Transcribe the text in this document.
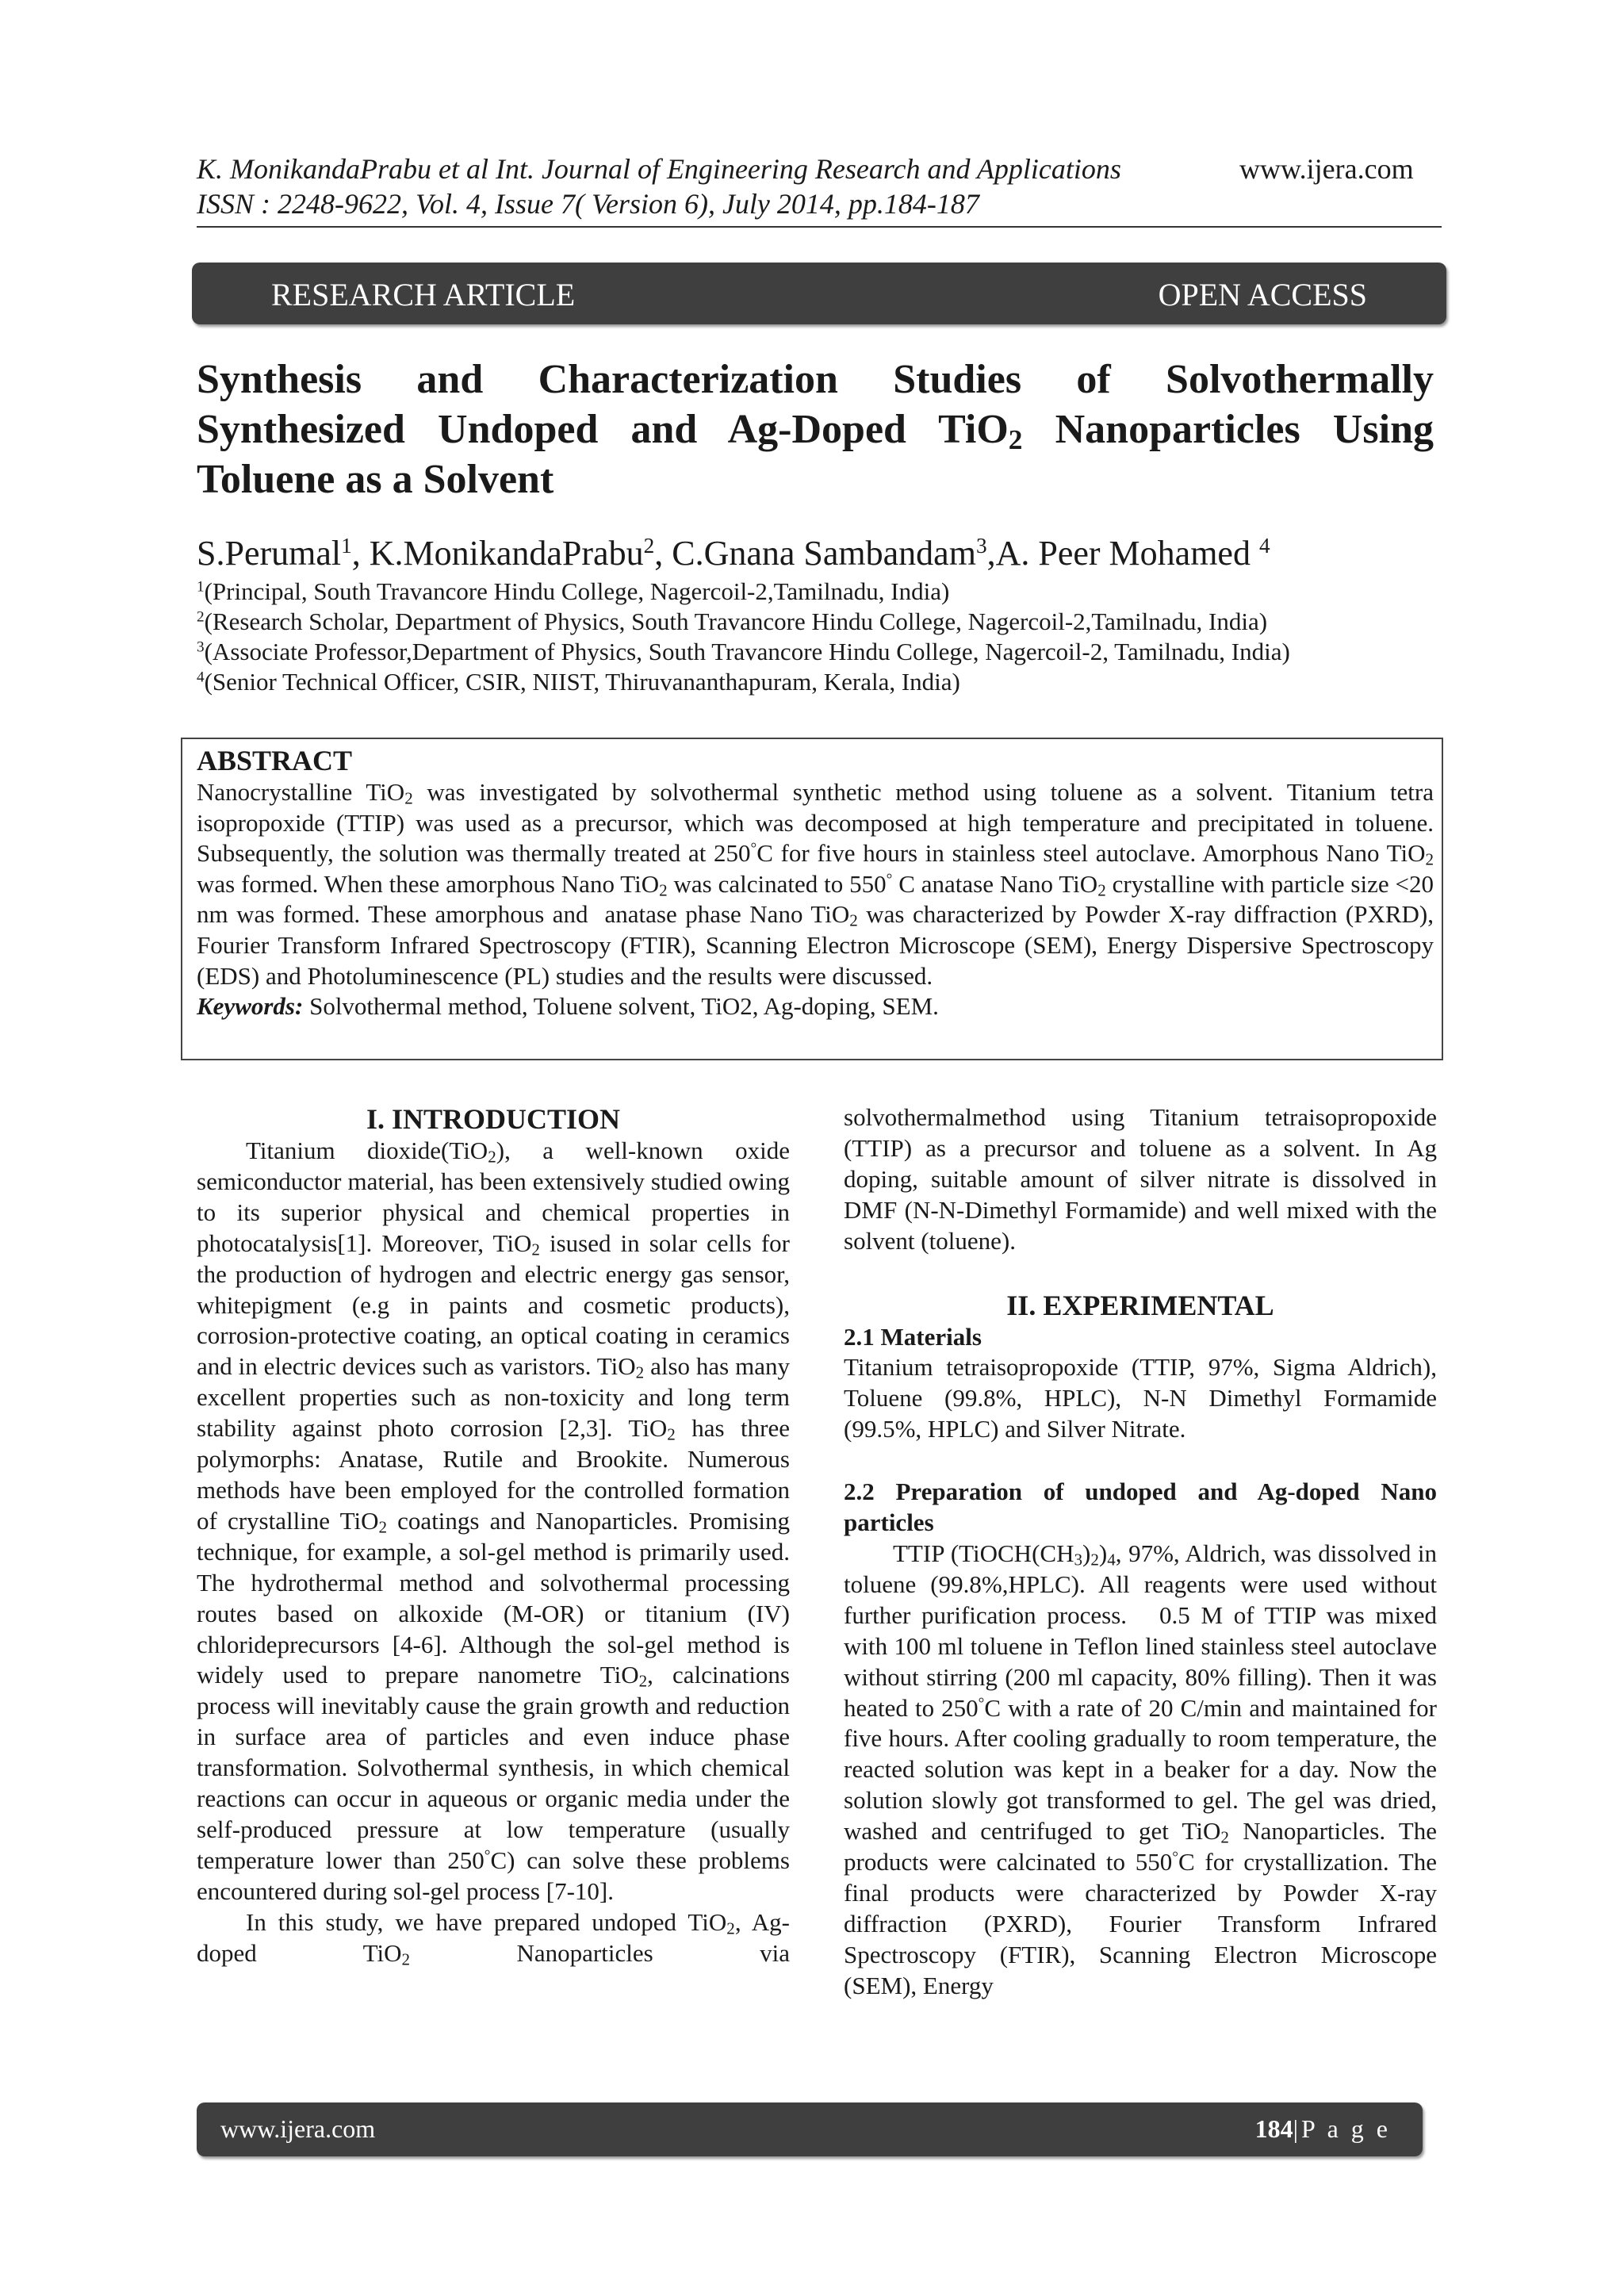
K. MonikandaPrabu et al Int. Journal of Engineering Research and Applications	www.ijera.com
ISSN : 2248-9622, Vol. 4, Issue 7( Version 6), July 2014, pp.184-187
RESEARCH ARTICLE	OPEN ACCESS
Synthesis and Characterization Studies of Solvothermally
Synthesized Undoped and Ag-Doped TiO$_2$ Nanoparticles Using
Toluene as a Solvent
S.Perumal$^1$, K.MonikandaPrabu$^2$, C.Gnana Sambandam$^3$,A. Peer Mohamed $^4$
$^1$(Principal, South Travancore Hindu College, Nagercoil-2,Tamilnadu, India)
$^2$(Research Scholar, Department of Physics, South Travancore Hindu College, Nagercoil-2,Tamilnadu, India)
$^3$(Associate Professor,Department of Physics, South Travancore Hindu College, Nagercoil-2, Tamilnadu, India)
$^4$(Senior Technical Officer, CSIR, NIIST, Thiruvananthapuram, Kerala, India)
ABSTRACT
Nanocrystalline TiO$_2$ was investigated by solvothermal synthetic method using toluene as a solvent. Titanium tetra isopropoxide (TTIP) was used as a precursor, which was decomposed at high temperature and precipitated in toluene. Subsequently, the solution was thermally treated at 250°C for five hours in stainless steel autoclave. Amorphous Nano TiO$_2$ was formed. When these amorphous Nano TiO$_2$ was calcinated to 550° C anatase Nano TiO$_2$ crystalline with particle size <20 nm was formed. These amorphous and  anatase phase Nano TiO$_2$ was characterized by Powder X-ray diffraction (PXRD), Fourier Transform Infrared Spectroscopy (FTIR), Scanning Electron Microscope (SEM), Energy Dispersive Spectroscopy (EDS) and Photoluminescence (PL) studies and the results were discussed.
Keywords: Solvothermal method, Toluene solvent, TiO2, Ag-doping, SEM.
I. INTRODUCTION

Titanium dioxide(TiO$_2$), a well-known oxide semiconductor material, has been extensively studied owing to its superior physical and chemical properties in photocatalysis[1]. Moreover, TiO$_2$ isused in solar cells for the production of hydrogen and electric energy gas sensor, whitepigment (e.g in paints and cosmetic products), corrosion-protective coating, an optical coating in ceramics and in electric devices such as varistors. TiO$_2$ also has many excellent properties such as non-toxicity and long term stability against photo corrosion [2,3]. TiO$_2$ has three polymorphs: Anatase, Rutile and Brookite. Numerous methods have been employed for the controlled formation of crystalline TiO$_2$ coatings and Nanoparticles. Promising technique, for example, a sol-gel method is primarily used. The hydrothermal method and solvothermal processing routes based on alkoxide (M-OR) or titanium (IV) chlorideprecursors [4-6]. Although the sol-gel method is widely used to prepare nanometre TiO$_2$, calcinations process will inevitably cause the grain growth and reduction in surface area of particles and even induce phase transformation. Solvothermal synthesis, in which chemical reactions can occur in aqueous or organic media under the self-produced pressure at low temperature (usually temperature lower than 250°C) can solve these problems encountered during sol-gel process [7-10].

In this study, we have prepared undoped TiO$_2$, Ag-doped TiO$_2$ Nanoparticles via

solvothermalmethod using Titanium tetraisopropoxide (TTIP) as a precursor and toluene as a solvent. In Ag doping, suitable amount of silver nitrate is dissolved in DMF (N-N-Dimethyl Formamide) and well mixed with the solvent (toluene).

II. EXPERIMENTAL
2.1 Materials

Titanium tetraisopropoxide (TTIP, 97%, Sigma Aldrich), Toluene (99.8%, HPLC), N-N Dimethyl Formamide (99.5%, HPLC) and Silver Nitrate.

2.2 Preparation of undoped and Ag-doped Nano particles

TTIP $(TiOCH(CH_3)_2)_4$, 97%, Aldrich, was dissolved in toluene (99.8%,HPLC). All reagents were used without further purification process.   0.5 M of TTIP was mixed with 100 ml toluene in Teflon lined stainless steel autoclave without stirring (200 ml capacity, 80% filling). Then it was heated to 250°C with a rate of 20 C/min and maintained for five hours. After cooling gradually to room temperature, the reacted solution was kept in a beaker for a day. Now the solution slowly got transformed to gel. The gel was dried, washed and centrifuged to get TiO$_2$ Nanoparticles. The products were calcinated to 550°C for crystallization. The final products were characterized by Powder X-ray diffraction (PXRD), Fourier Transform Infrared Spectroscopy (FTIR), Scanning Electron Microscope (SEM), Energy

www.ijera.com	184|P a g e
